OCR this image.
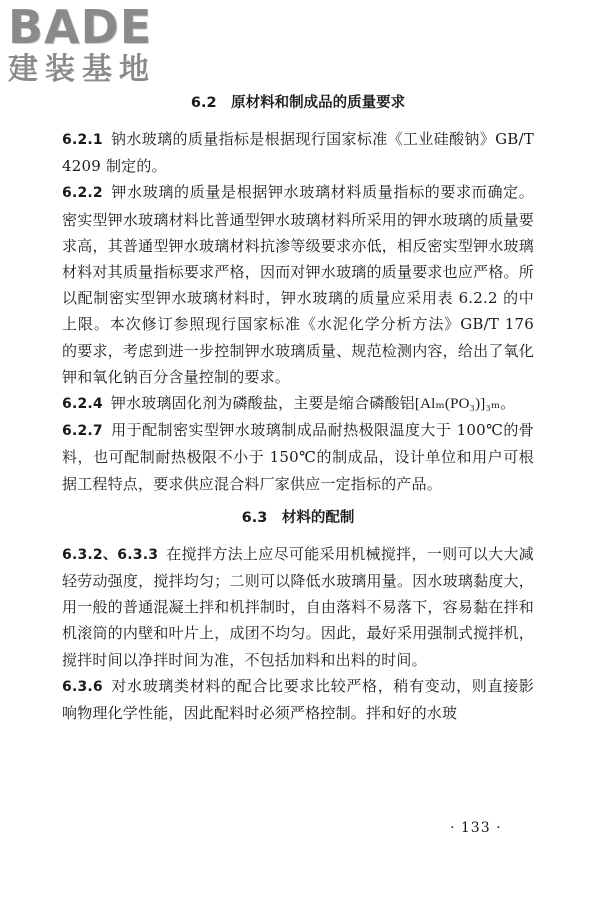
BADE
建装基地
6.2　原材料和制成品的质量要求

6.2.1 钠水玻璃的质量指标是根据现行国家标准《工业硅酸钠》GB/T 4209 制定的。

6.2.2 钾水玻璃的质量是根据钾水玻璃材料质量指标的要求而确定。密实型钾水玻璃材料比普通型钾水玻璃材料所采用的钾水玻璃的质量要求高，其普通型钾水玻璃材料抗渗等级要求亦低，相反密实型钾水玻璃材料对其质量指标要求严格，因而对钾水玻璃的质量要求也应严格。所以配制密实型钾水玻璃材料时，钾水玻璃的质量应采用表 6.2.2 的中上限。本次修订参照现行国家标准《水泥化学分析方法》GB/T 176 的要求，考虑到进一步控制钾水玻璃质量、规范检测内容，给出了氧化钾和氧化钠百分含量控制的要求。

6.2.4 钾水玻璃固化剂为磷酸盐，主要是缩合磷酸铝[Alₘ(PO₃)]₃ₘ。

6.2.7 用于配制密实型钾水玻璃制成品耐热极限温度大于 100℃的骨料，也可配制耐热极限不小于 150℃的制成品，设计单位和用户可根据工程特点，要求供应混合料厂家供应一定指标的产品。

6.3　材料的配制

6.3.2、6.3.3 在搅拌方法上应尽可能采用机械搅拌，一则可以大大减轻劳动强度，搅拌均匀；二则可以降低水玻璃用量。因水玻璃黏度大，用一般的普通混凝土拌和机拌制时，自由落料不易落下，容易黏在拌和机滚筒的内壁和叶片上，成团不均匀。因此，最好采用强制式搅拌机，搅拌时间以净拌时间为准，不包括加料和出料的时间。

6.3.6 对水玻璃类材料的配合比要求比较严格，稍有变动，则直接影响物理化学性能，因此配料时必须严格控制。拌和好的水玻

· 133 ·
